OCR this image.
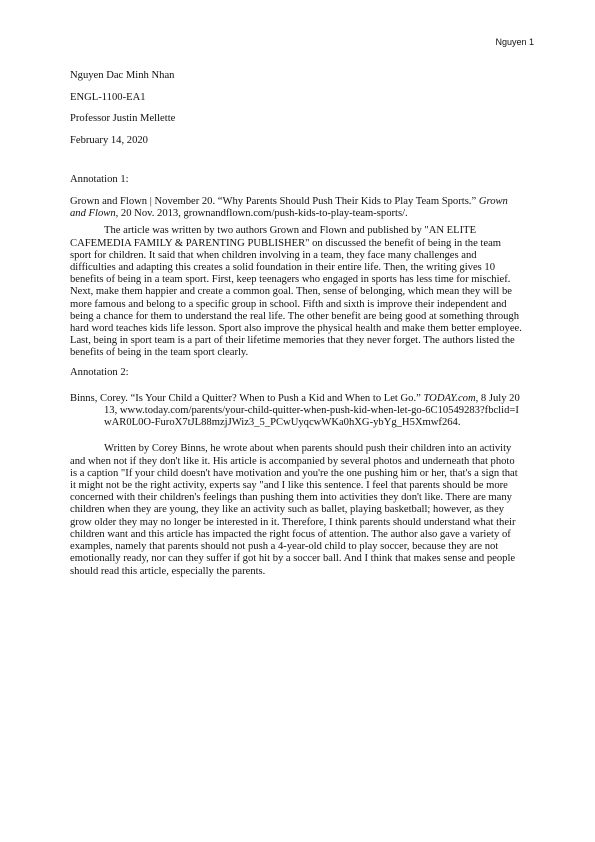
Nguyen 1

Nguyen Dac Minh Nhan

ENGL-1100-EA1

Professor Justin Mellette

February 14, 2020

Annotation 1:

Grown and Flown | November 20. “Why Parents Should Push Their Kids to Play Team Sports.” Grown and Flown, 20 Nov. 2013, grownandflown.com/push-kids-to-play-team-sports/.

The article was written by two authors Grown and Flown and published by "AN ELITE CAFEMEDIA FAMILY & PARENTING PUBLISHER" on discussed the benefit of being in the team sport for children. It said that when children involving in a team, they face many challenges and difficulties and adapting this creates a solid foundation in their entire life. Then, the writing gives 10 benefits of being in a team sport. First, keep teenagers who engaged in sports has less time for mischief. Next, make them happier and create a common goal. Then, sense of belonging, which mean they will be more famous and belong to a specific group in school. Fifth and sixth is improve their independent and being a chance for them to understand the real life. The other benefit are being good at something through hard word teaches kids life lesson. Sport also improve the physical health and make them better employee. Last, being in sport team is a part of their lifetime memories that they never forget. The authors listed the benefits of being in the team sport clearly.

Annotation 2:

Binns, Corey. “Is Your Child a Quitter? When to Push a Kid and When to Let Go.” TODAY.com, 8 July 2013, www.today.com/parents/your-child-quitter-when-push-kid-when-let-go-6C10549283?fbclid=IwAR0L0O-FuroX7tJL88mzjJWiz3_5_PCwUyqcwWKa0hXG-ybYg_H5Xmwf264.

Written by Corey Binns, he wrote about when parents should push their children into an activity and when not if they don't like it. His article is accompanied by several photos and underneath that photo is a caption "If your child doesn't have motivation and you're the one pushing him or her, that's a sign that it might not be the right activity, experts say "and I like this sentence. I feel that parents should be more concerned with their children's feelings than pushing them into activities they don't like. There are many children when they are young, they like an activity such as ballet, playing basketball; however, as they grow older they may no longer be interested in it. Therefore, I think parents should understand what their children want and this article has impacted the right focus of attention. The author also gave a variety of examples, namely that parents should not push a 4-year-old child to play soccer, because they are not emotionally ready, nor can they suffer if got hit by a soccer ball. And I think that makes sense and people should read this article, especially the parents.
